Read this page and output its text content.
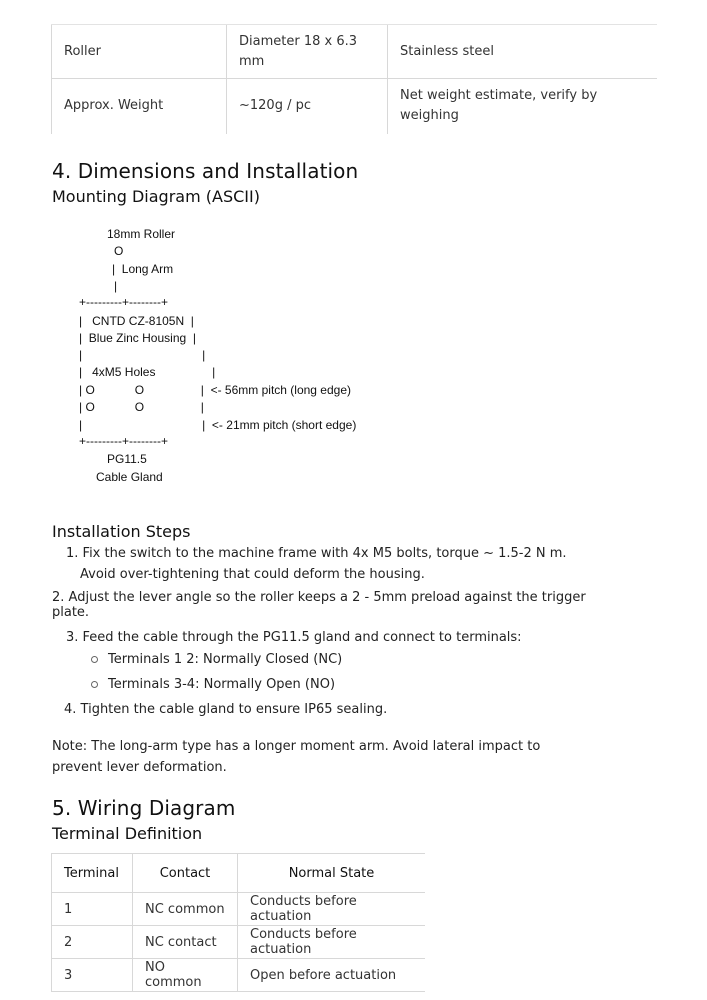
Roller	Diameter 18 x 6.3 mm	Stainless steel
Approx. Weight	~120g / pc	Net weight estimate, verify by weighing
4. Dimensions and Installation
Mounting Diagram (ASCII)
18mm Roller
O
|  Long Arm
|
+---------+--------+
|   CNTD CZ-8105N  |
|  Blue Zinc Housing  |
|                                    |
|   4xM5 Holes                 |
| O            O                 |  <- 56mm pitch (long edge)
| O            O                 |
|                                    |  <- 21mm pitch (short edge)
+---------+--------+
PG11.5
Cable Gland
Installation Steps
1. Fix the switch to the machine frame with 4x M5 bolts, torque ~ 1.5-2 N m.
Avoid over-tightening that could deform the housing.
2. Adjust the lever angle so the roller keeps a 2 - 5mm preload against the trigger
plate.
3. Feed the cable through the PG11.5 gland and connect to terminals:
Terminals 1 2: Normally Closed (NC)
Terminals 3-4: Normally Open (NO)
4. Tighten the cable gland to ensure IP65 sealing.
Note: The long-arm type has a longer moment arm. Avoid lateral impact to
prevent lever deformation.
5. Wiring Diagram
Terminal Definition
Terminal	Contact	Normal State
1	NC common	Conducts before actuation
2	NC contact	Conducts before actuation
3	NO common	Open before actuation
